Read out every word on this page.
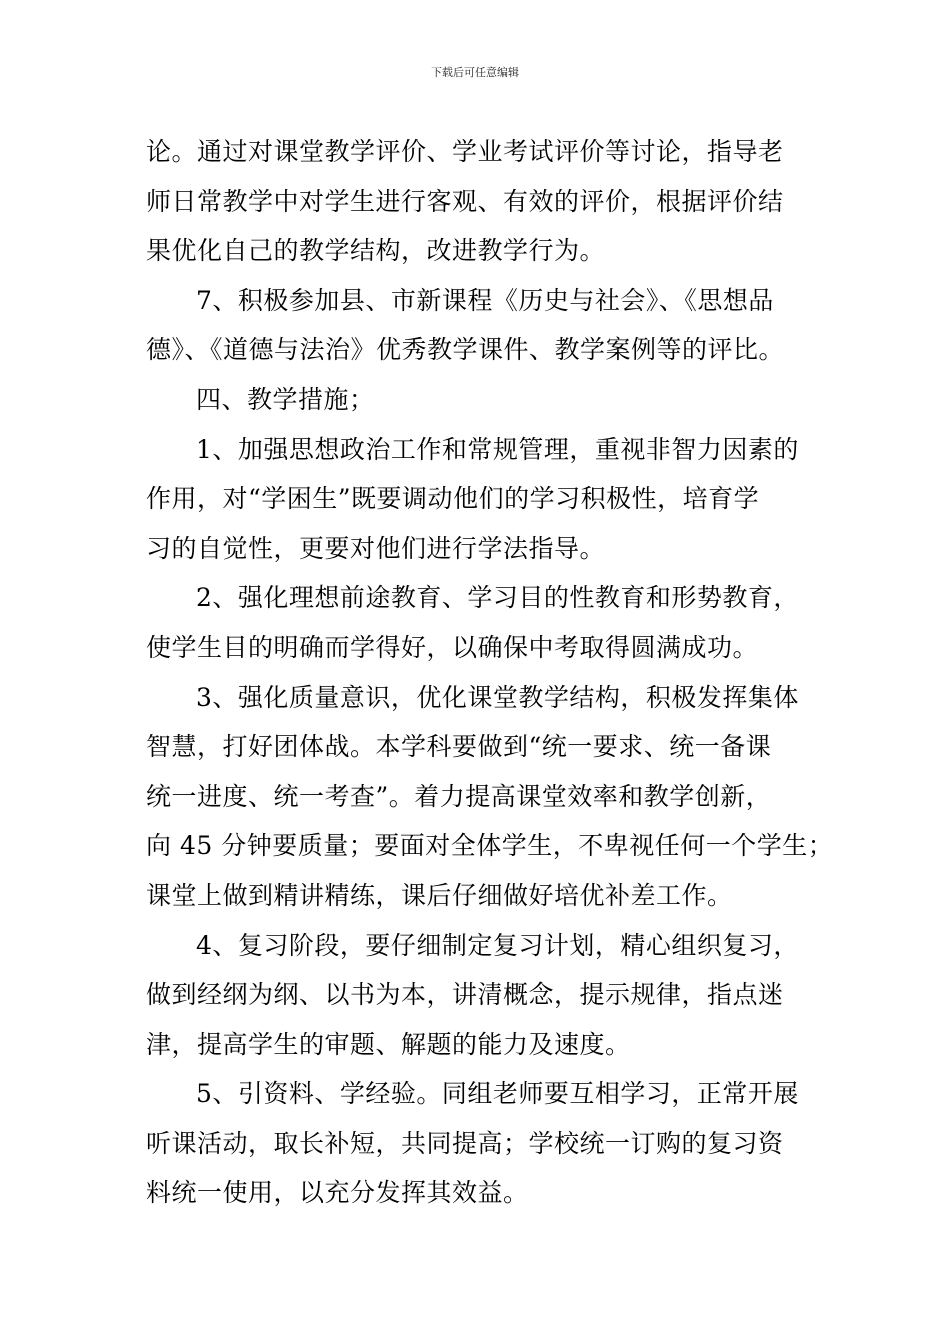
下载后可任意编辑
论。通过对课堂教学评价、学业考试评价等讨论，指导老
师日常教学中对学生进行客观、有效的评价，根据评价结
果优化自己的教学结构，改进教学行为。
7、积极参加县、市新课程《历史与社会》、《思想品
德》、《道德与法治》优秀教学课件、教学案例等的评比。
四、教学措施；
1、加强思想政治工作和常规管理，重视非智力因素的
作用，对“学困生”既要调动他们的学习积极性，培育学
习的自觉性，更要对他们进行学法指导。
2、强化理想前途教育、学习目的性教育和形势教育，
使学生目的明确而学得好，以确保中考取得圆满成功。
3、强化质量意识，优化课堂教学结构，积极发挥集体
智慧，打好团体战。本学科要做到“统一要求、统一备课
统一进度、统一考查”。着力提高课堂效率和教学创新，
向 45 分钟要质量；要面对全体学生，不卑视任何一个学生；
课堂上做到精讲精练，课后仔细做好培优补差工作。
4、复习阶段，要仔细制定复习计划，精心组织复习，
做到经纲为纲、以书为本，讲清概念，提示规律，指点迷
津，提高学生的审题、解题的能力及速度。
5、引资料、学经验。同组老师要互相学习，正常开展
听课活动，取长补短，共同提高；学校统一订购的复习资
料统一使用，以充分发挥其效益。
